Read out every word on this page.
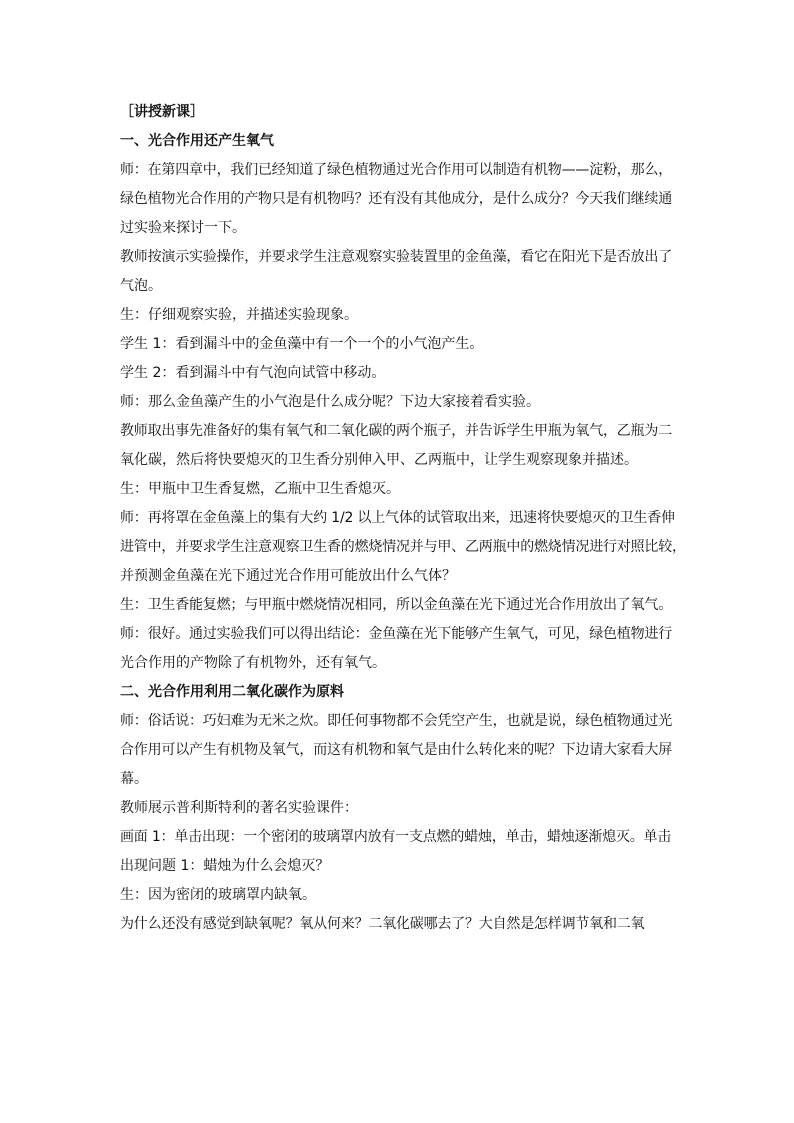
［讲授新课］
一、光合作用还产生氧气
师：在第四章中，我们已经知道了绿色植物通过光合作用可以制造有机物——淀粉，那么，
绿色植物光合作用的产物只是有机物吗？还有没有其他成分，是什么成分？今天我们继续通
过实验来探讨一下。
教师按演示实验操作，并要求学生注意观察实验装置里的金鱼藻，看它在阳光下是否放出了
气泡。
生：仔细观察实验，并描述实验现象。
学生 1：看到漏斗中的金鱼藻中有一个一个的小气泡产生。
学生 2：看到漏斗中有气泡向试管中移动。
师：那么金鱼藻产生的小气泡是什么成分呢？下边大家接着看实验。
教师取出事先准备好的集有氧气和二氧化碳的两个瓶子，并告诉学生甲瓶为氧气，乙瓶为二
氧化碳，然后将快要熄灭的卫生香分别伸入甲、乙两瓶中，让学生观察现象并描述。
生：甲瓶中卫生香复燃，乙瓶中卫生香熄灭。
师：再将罩在金鱼藻上的集有大约 1/2 以上气体的试管取出来，迅速将快要熄灭的卫生香伸
进管中，并要求学生注意观察卫生香的燃烧情况并与甲、乙两瓶中的燃烧情况进行对照比较，
并预测金鱼藻在光下通过光合作用可能放出什么气体？
生：卫生香能复燃；与甲瓶中燃烧情况相同，所以金鱼藻在光下通过光合作用放出了氧气。
师：很好。通过实验我们可以得出结论：金鱼藻在光下能够产生氧气，可见，绿色植物进行
光合作用的产物除了有机物外，还有氧气。
二、光合作用利用二氧化碳作为原料
师：俗话说：巧妇难为无米之炊。即任何事物都不会凭空产生，也就是说，绿色植物通过光
合作用可以产生有机物及氧气，而这有机物和氧气是由什么转化来的呢？下边请大家看大屏
幕。
教师展示普利斯特利的著名实验课件：
画面 1：单击出现：一个密闭的玻璃罩内放有一支点燃的蜡烛，单击，蜡烛逐渐熄灭。单击
出现问题 1：蜡烛为什么会熄灭？
生：因为密闭的玻璃罩内缺氧。
为什么还没有感觉到缺氧呢？氧从何来？二氧化碳哪去了？大自然是怎样调节氧和二氧
